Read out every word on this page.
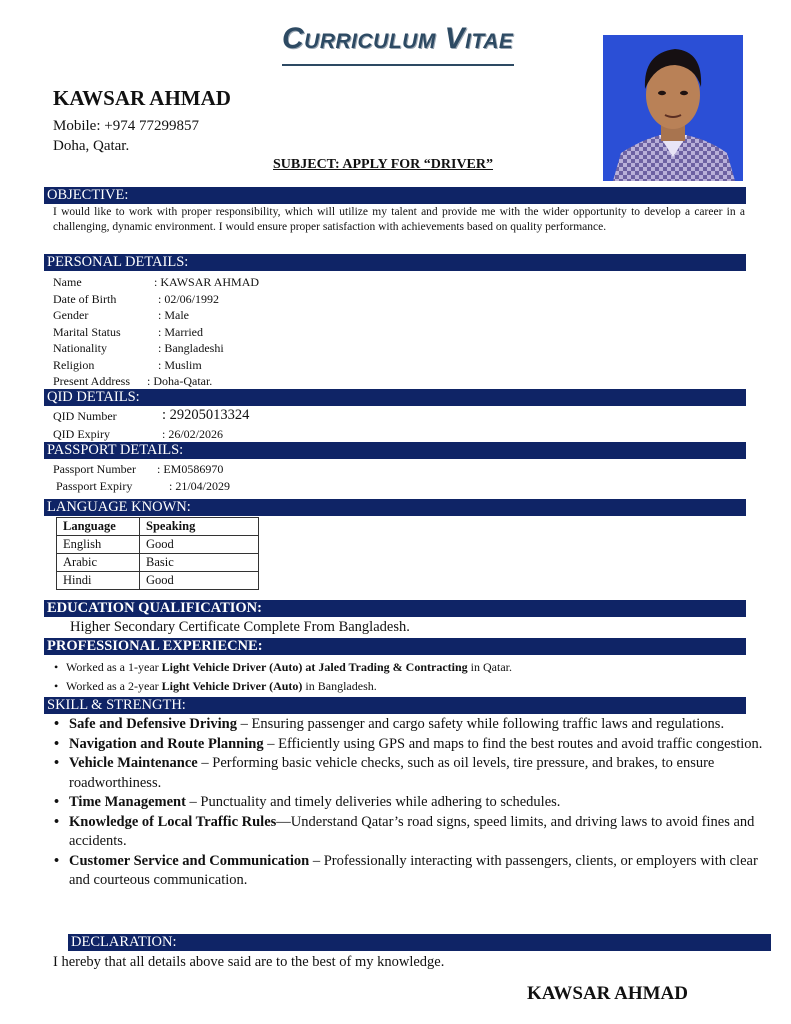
Curriculum Vitae
KAWSAR AHMAD
Mobile: +974 77299857
Doha, Qatar.
SUBJECT: APPLY FOR “DRIVER”
OBJECTIVE:
I would like to work with proper responsibility, which will utilize my talent and provide me with the wider opportunity to develop a career in a challenging, dynamic environment. I would ensure proper satisfaction with achievements based on quality performance.
PERSONAL DETAILS:
Name	: KAWSAR AHMAD
Date of Birth	: 02/06/1992
Gender	: Male
Marital Status	: Married
Nationality	: Bangladeshi
Religion	: Muslim
Present Address : Doha-Qatar.
QID DETAILS:
QID Number	: 29205013324
QID Expiry	: 26/02/2026
PASSPORT DETAILS:
Passport Number : EM0586970
Passport Expiry	: 21/04/2029
LANGUAGE KNOWN:
Language	Speaking
English	Good
Arabic	Basic
Hindi	Good
EDUCATION QUALIFICATION:
Higher Secondary Certificate Complete From Bangladesh.
PROFESSIONAL EXPERIECNE:
• Worked as a 1-year Light Vehicle Driver (Auto) at Jaled Trading & Contracting in Qatar.
• Worked as a 2-year Light Vehicle Driver (Auto) in Bangladesh.
SKILL & STRENGTH:
• Safe and Defensive Driving – Ensuring passenger and cargo safety while following traffic laws and regulations.
• Navigation and Route Planning – Efficiently using GPS and maps to find the best routes and avoid traffic congestion.
• Vehicle Maintenance – Performing basic vehicle checks, such as oil levels, tire pressure, and brakes, to ensure roadworthiness.
• Time Management – Punctuality and timely deliveries while adhering to schedules.
• Knowledge of Local Traffic Rules—Understand Qatar’s road signs, speed limits, and driving laws to avoid fines and accidents.
• Customer Service and Communication – Professionally interacting with passengers, clients, or employers with clear and courteous communication.
DECLARATION:
I hereby that all details above said are to the best of my knowledge.
KAWSAR AHMAD
